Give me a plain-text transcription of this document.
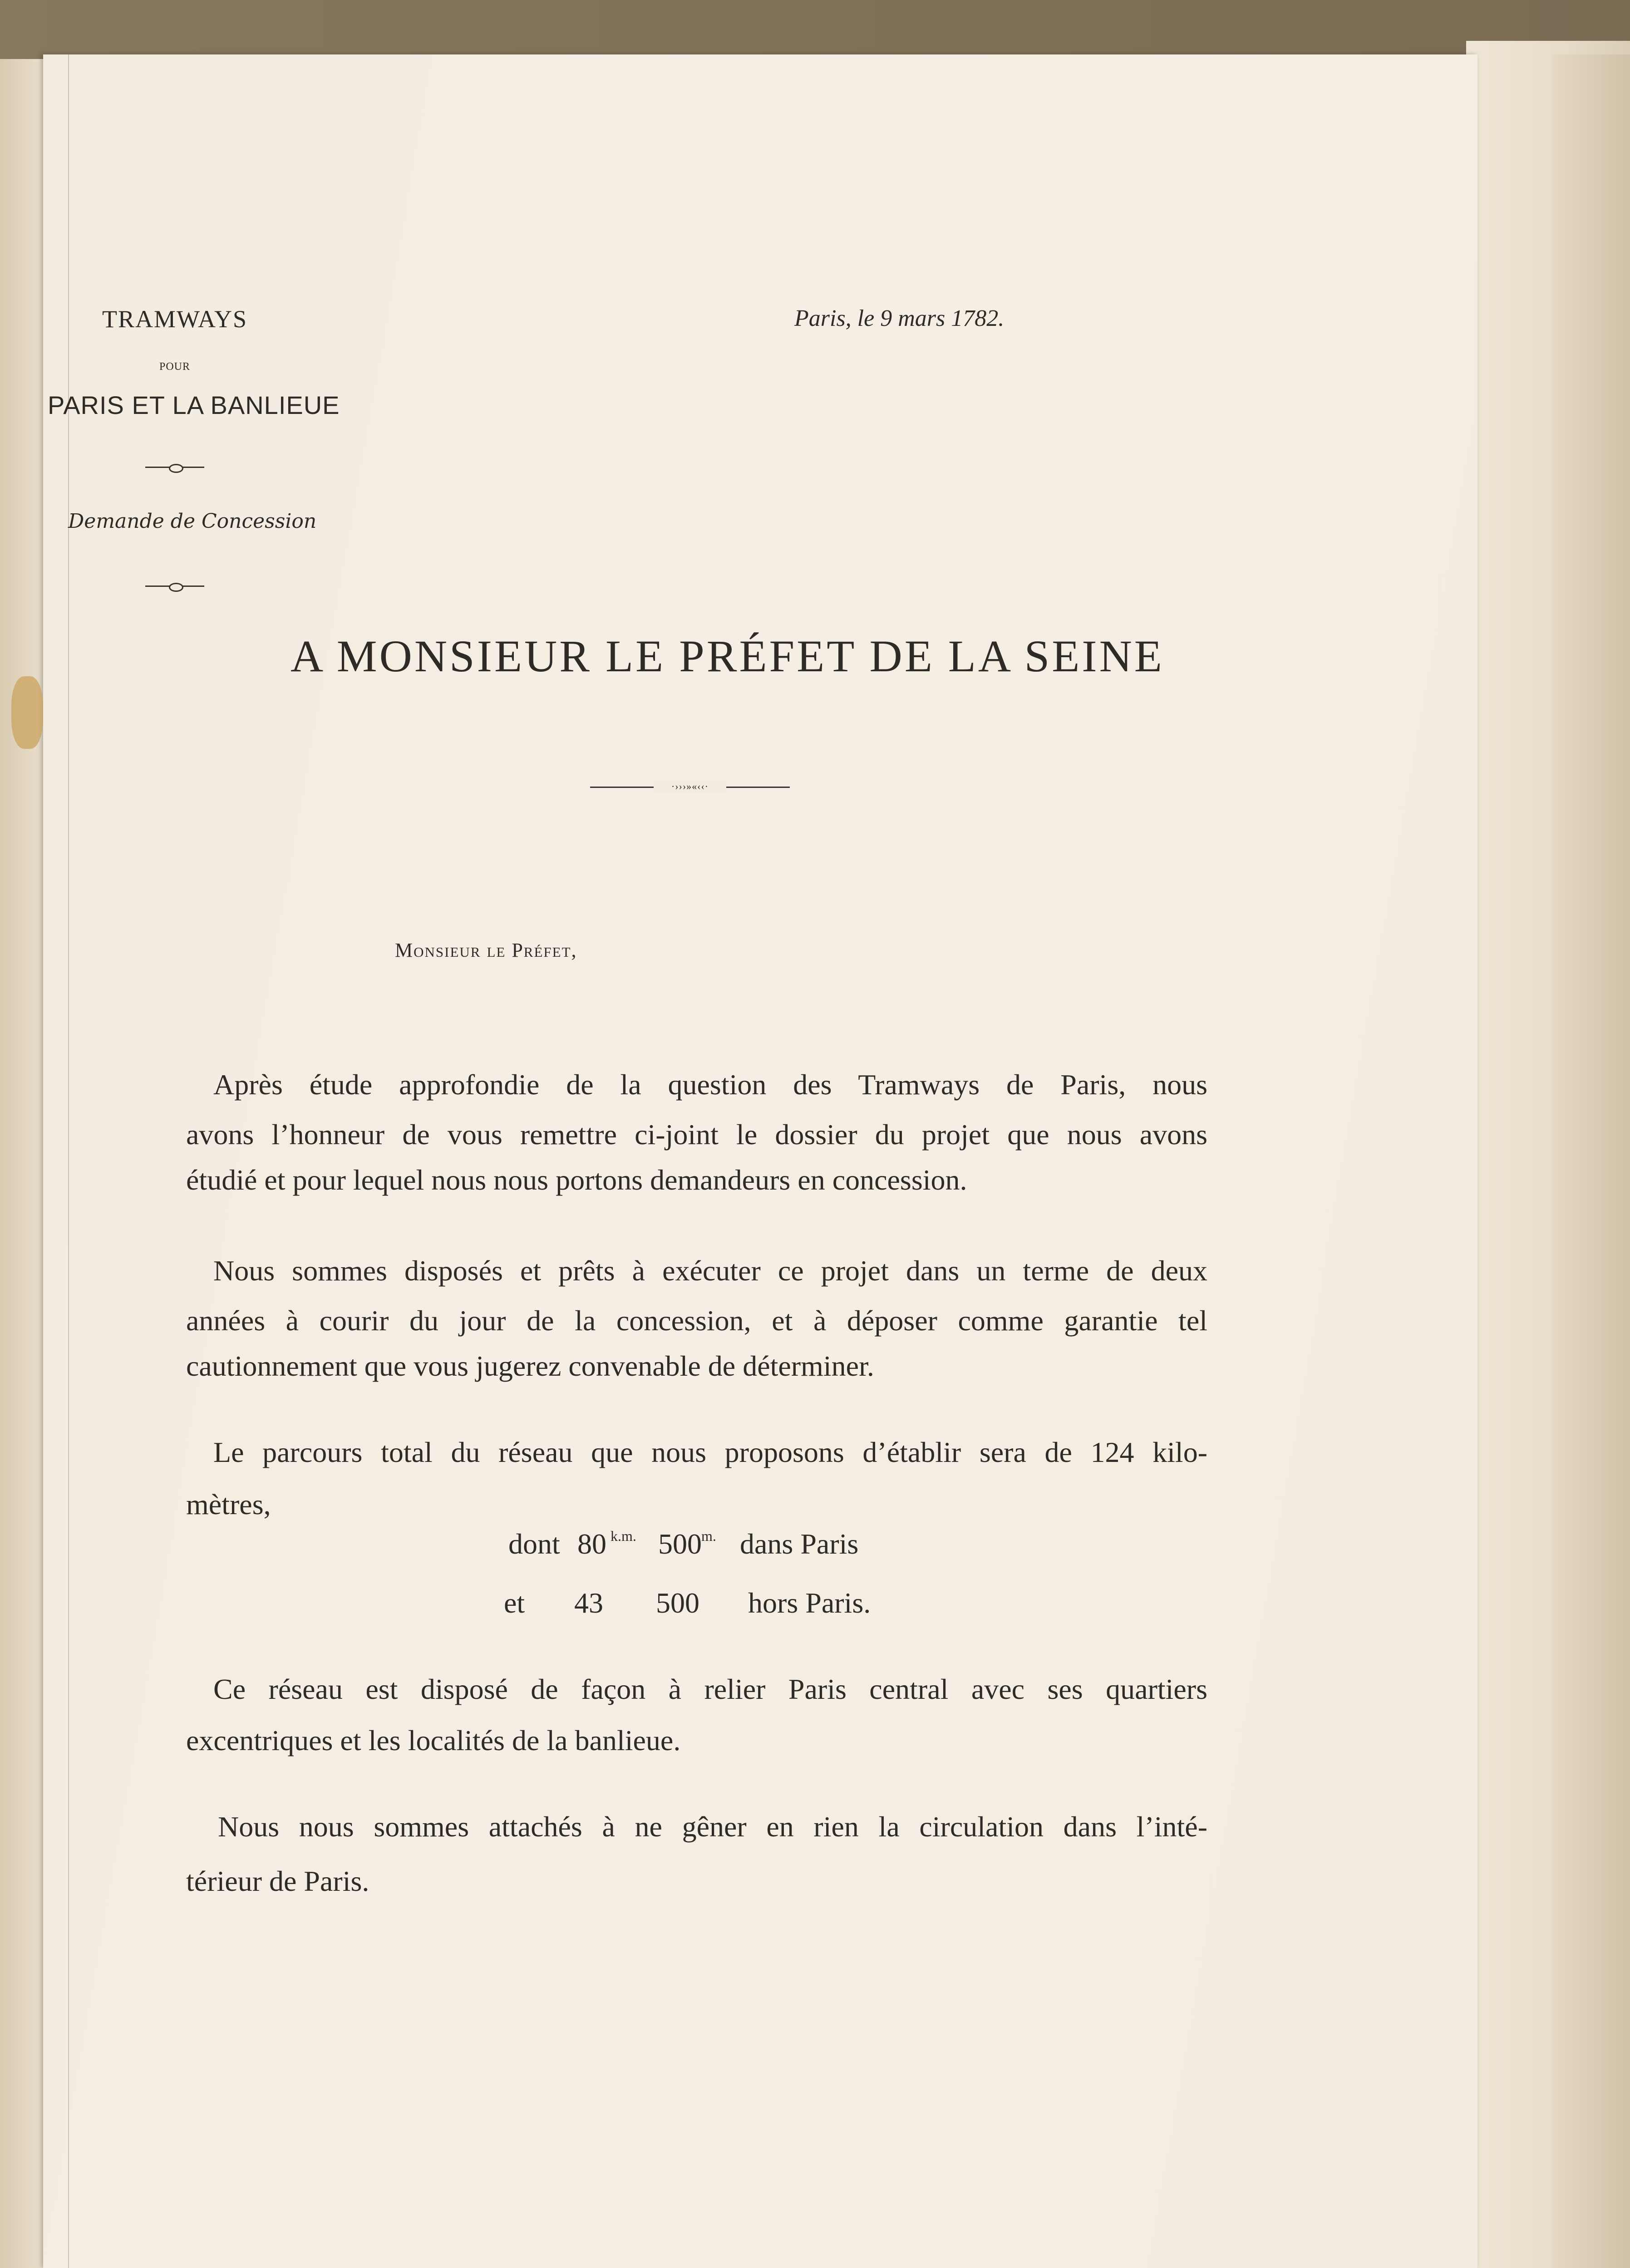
TRAMWAYS
POUR
PARIS ET LA BANLIEUE
Demande de Concession
Paris, le 9 mars 1782.
A MONSIEUR LE PRÉFET DE LA SEINE
·›››»«‹‹·
Monsieur le Préfet,
Après étude approfondie de la question des Tramways de Paris, nous
avons l’honneur de vous remettre ci-joint le dossier du projet que nous avons
étudié et pour lequel nous nous portons demandeurs en concession.
Nous sommes disposés et prêts à exécuter ce projet dans un terme de deux
années à courir du jour de la concession, et à déposer comme garantie tel
cautionnement que vous jugerez convenable de déterminer.
Le parcours total du réseau que nous proposons d’établir sera de 124 kilo-
mètres,
dont 80 k.m. 500 m. dans Paris
et 43 500 hors Paris.
Ce réseau est disposé de façon à relier Paris central avec ses quartiers
excentriques et les localités de la banlieue.
Nous nous sommes attachés à ne gêner en rien la circulation dans l’inté-
térieur de Paris.
